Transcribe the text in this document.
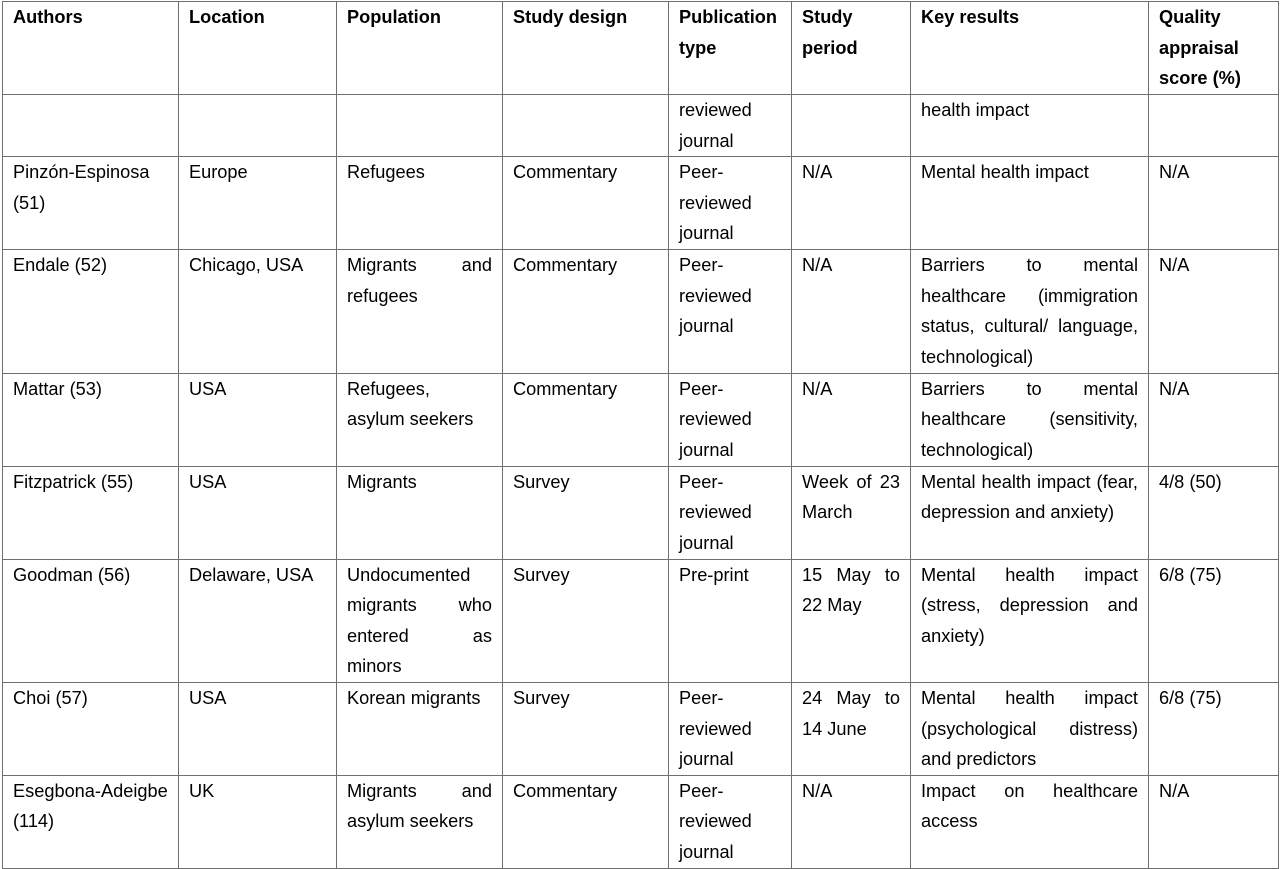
Authors	Location	Population	Study design	Publication type	Study period	Key results	Quality appraisal score (%)
				reviewed journal		health impact	
Pinzón-Espinosa (51)	Europe	Refugees	Commentary	Peer-reviewed journal	N/A	Mental health impact	N/A
Endale (52)	Chicago, USA	Migrants and refugees	Commentary	Peer-reviewed journal	N/A	Barriers to mental healthcare (immigration status, cultural/ language, technological)	N/A
Mattar (53)	USA	Refugees, asylum seekers	Commentary	Peer-reviewed journal	N/A	Barriers to mental healthcare (sensitivity, technological)	N/A
Fitzpatrick (55)	USA	Migrants	Survey	Peer-reviewed journal	Week of 23 March	Mental health impact (fear, depression and anxiety)	4/8 (50)
Goodman (56)	Delaware, USA	Undocumented migrants who entered as minors	Survey	Pre-print	15 May to 22 May	Mental health impact (stress, depression and anxiety)	6/8 (75)
Choi (57)	USA	Korean migrants	Survey	Peer-reviewed journal	24 May to 14 June	Mental health impact (psychological distress) and predictors	6/8 (75)
Esegbona-Adeigbe (114)	UK	Migrants and asylum seekers	Commentary	Peer-reviewed journal	N/A	Impact on healthcare access	N/A
